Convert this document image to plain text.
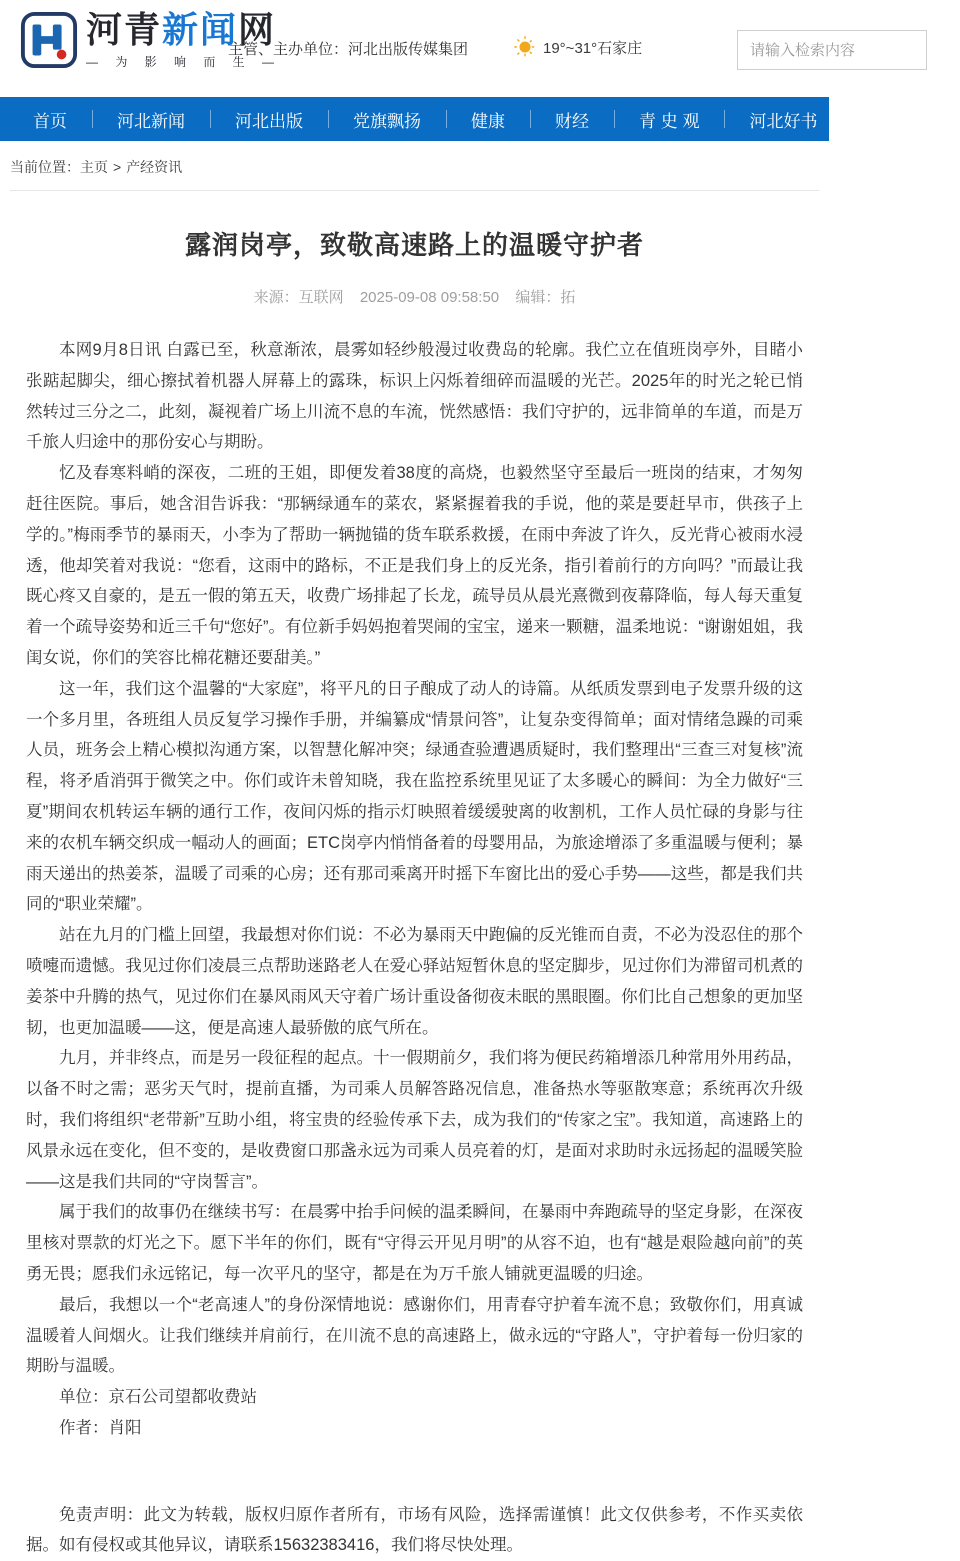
河青新闻网
— 为 影 响 而 生 —
主管、主办单位：河北出版传媒集团	19°~31°石家庄
请输入检索内容
首页	河北新闻	河北出版	党旗飘扬	健康	财经	青 史 观	河北好书	全民辟谣
当前位置：主页 > 产经资讯
露润岗亭，致敬高速路上的温暖守护者
来源：互联网 2025-09-08 09:58:50 编辑：拓

本网9月8日讯 白露已至，秋意渐浓，晨雾如轻纱般漫过收费岛的轮廓。我伫立在值班岗亭外，目睹小张踮起脚尖，细心擦拭着机器人屏幕上的露珠，标识上闪烁着细碎而温暖的光芒。2025年的时光之轮已悄然转过三分之二，此刻，凝视着广场上川流不息的车流，恍然感悟：我们守护的，远非简单的车道，而是万千旅人归途中的那份安心与期盼。

忆及春寒料峭的深夜，二班的王姐，即便发着38度的高烧，也毅然坚守至最后一班岗的结束，才匆匆赶往医院。事后，她含泪告诉我：“那辆绿通车的菜农，紧紧握着我的手说，他的菜是要赶早市，供孩子上学的。”梅雨季节的暴雨天，小李为了帮助一辆抛锚的货车联系救援，在雨中奔波了许久，反光背心被雨水浸透，他却笑着对我说：“您看，这雨中的路标，不正是我们身上的反光条，指引着前行的方向吗？”而最让我既心疼又自豪的，是五一假的第五天，收费广场排起了长龙，疏导员从晨光熹微到夜幕降临，每人每天重复着一个疏导姿势和近三千句“您好”。有位新手妈妈抱着哭闹的宝宝，递来一颗糖，温柔地说：“谢谢姐姐，我闺女说，你们的笑容比棉花糖还要甜美。”

这一年，我们这个温馨的“大家庭”，将平凡的日子酿成了动人的诗篇。从纸质发票到电子发票升级的这一个多月里，各班组人员反复学习操作手册，并编纂成“情景问答”，让复杂变得简单；面对情绪急躁的司乘人员，班务会上精心模拟沟通方案，以智慧化解冲突；绿通查验遭遇质疑时，我们整理出“三查三对复核”流程，将矛盾消弭于微笑之中。你们或许未曾知晓，我在监控系统里见证了太多暖心的瞬间：为全力做好“三夏”期间农机转运车辆的通行工作，夜间闪烁的指示灯映照着缓缓驶离的收割机，工作人员忙碌的身影与往来的农机车辆交织成一幅动人的画面；ETC岗亭内悄悄备着的母婴用品，为旅途增添了多重温暖与便利；暴雨天递出的热姜茶，温暖了司乘的心房；还有那司乘离开时摇下车窗比出的爱心手势——这些，都是我们共同的“职业荣耀”。

站在九月的门槛上回望，我最想对你们说：不必为暴雨天中跑偏的反光锥而自责，不必为没忍住的那个喷嚏而遗憾。我见过你们凌晨三点帮助迷路老人在爱心驿站短暂休息的坚定脚步，见过你们为滞留司机煮的姜茶中升腾的热气，见过你们在暴风雨风天守着广场计重设备彻夜未眠的黑眼圈。你们比自己想象的更加坚韧，也更加温暖——这，便是高速人最骄傲的底气所在。

九月，并非终点，而是另一段征程的起点。十一假期前夕，我们将为便民药箱增添几种常用外用药品，以备不时之需；恶劣天气时，提前直播，为司乘人员解答路况信息，准备热水等驱散寒意；系统再次升级时，我们将组织“老带新”互助小组，将宝贵的经验传承下去，成为我们的“传家之宝”。我知道，高速路上的风景永远在变化，但不变的，是收费窗口那盏永远为司乘人员亮着的灯，是面对求助时永远扬起的温暖笑脸——这是我们共同的“守岗誓言”。

属于我们的故事仍在继续书写：在晨雾中抬手问候的温柔瞬间，在暴雨中奔跑疏导的坚定身影，在深夜里核对票款的灯光之下。愿下半年的你们，既有“守得云开见月明”的从容不迫，也有“越是艰险越向前”的英勇无畏；愿我们永远铭记，每一次平凡的坚守，都是在为万千旅人铺就更温暖的归途。

最后，我想以一个“老高速人”的身份深情地说：感谢你们，用青春守护着车流不息；致敬你们，用真诚温暖着人间烟火。让我们继续并肩前行，在川流不息的高速路上，做永远的“守路人”，守护着每一份归家的期盼与温暖。

单位：京石公司望都收费站

作者：肖阳

免责声明：此文为转载，版权归原作者所有，市场有风险，选择需谨慎！此文仅供参考，不作买卖依据。如有侵权或其他异议，请联系15632383416，我们将尽快处理。
